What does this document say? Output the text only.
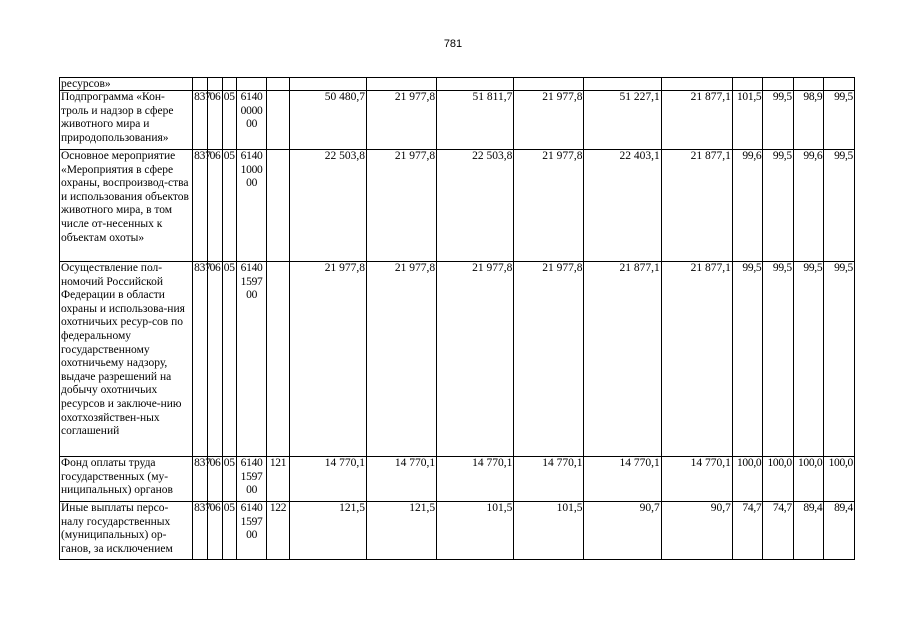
781
ресурсов»															
Подпрограмма «Кон-троль и надзор в сфере животного мира и природопользования»	837	06	05	6140 0000 00		50 480,7	21 977,8	51 811,7	21 977,8	51 227,1	21 877,1	101,5	99,5	98,9	99,5
Основное мероприятие «Мероприятия в сфере охраны, воспроизвод-ства и использования объектов животного мира, в том числе от-несенных к объектам охоты»	837	06	05	6140 1000 00		22 503,8	21 977,8	22 503,8	21 977,8	22 403,1	21 877,1	99,6	99,5	99,6	99,5
Осуществление пол-номочий Российской Федерации в области охраны и использова-ния охотничьих ресур-сов по федеральному государственному охотничьему надзору, выдаче разрешений на добычу охотничьих ресурсов и заключе-нию охотхозяйствен-ных соглашений	837	06	05	6140 1597 00		21 977,8	21 977,8	21 977,8	21 977,8	21 877,1	21 877,1	99,5	99,5	99,5	99,5
Фонд оплаты труда государственных (му-ниципальных) органов	837	06	05	6140 1597 00	121	14 770,1	14 770,1	14 770,1	14 770,1	14 770,1	14 770,1	100,0	100,0	100,0	100,0
Иные выплаты персо-налу государственных (муниципальных) ор-ганов, за исключением	837	06	05	6140 1597 00	122	121,5	121,5	101,5	101,5	90,7	90,7	74,7	74,7	89,4	89,4
